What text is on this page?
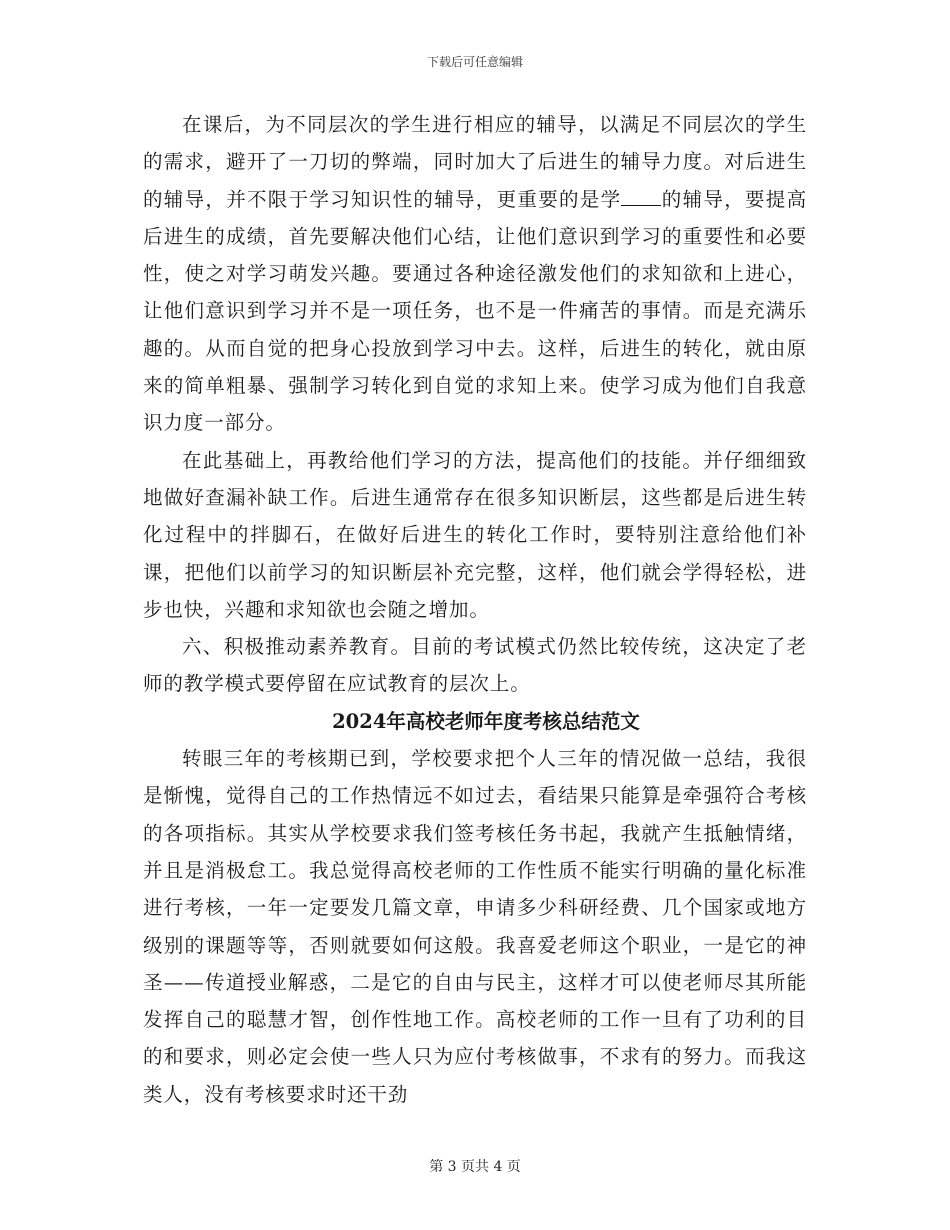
下载后可任意编辑

在课后，为不同层次的学生进行相应的辅导，以满足不同层次的学生的需求，避开了一刀切的弊端，同时加大了后进生的辅导力度。对后进生的辅导，并不限于学习知识性的辅导，更重要的是学 的辅导，要提高后进生的成绩，首先要解决他们心结，让他们意识到学习的重要性和必要性，使之对学习萌发兴趣。要通过各种途径激发他们的求知欲和上进心，让他们意识到学习并不是一项任务，也不是一件痛苦的事情。而是充满乐趣的。从而自觉的把身心投放到学习中去。这样，后进生的转化，就由原来的简单粗暴、强制学习转化到自觉的求知上来。使学习成为他们自我意识力度一部分。

在此基础上，再教给他们学习的方法，提高他们的技能。并仔细细致地做好查漏补缺工作。后进生通常存在很多知识断层，这些都是后进生转化过程中的拌脚石，在做好后进生的转化工作时，要特别注意给他们补课，把他们以前学习的知识断层补充完整，这样，他们就会学得轻松，进步也快，兴趣和求知欲也会随之增加。

六、积极推动素养教育。目前的考试模式仍然比较传统，这决定了老师的教学模式要停留在应试教育的层次上。

2024年高校老师年度考核总结范文

转眼三年的考核期已到，学校要求把个人三年的情况做一总结，我很是惭愧，觉得自己的工作热情远不如过去，看结果只能算是牵强符合考核的各项指标。其实从学校要求我们签考核任务书起，我就产生抵触情绪，并且是消极怠工。我总觉得高校老师的工作性质不能实行明确的量化标准进行考核，一年一定要发几篇文章，申请多少科研经费、几个国家或地方级别的课题等等，否则就要如何这般。我喜爱老师这个职业，一是它的神圣——传道授业解惑，二是它的自由与民主，这样才可以使老师尽其所能发挥自己的聪慧才智，创作性地工作。高校老师的工作一旦有了功利的目的和要求，则必定会使一些人只为应付考核做事，不求有的努力。而我这类人，没有考核要求时还干劲

第 3 页共 4 页
